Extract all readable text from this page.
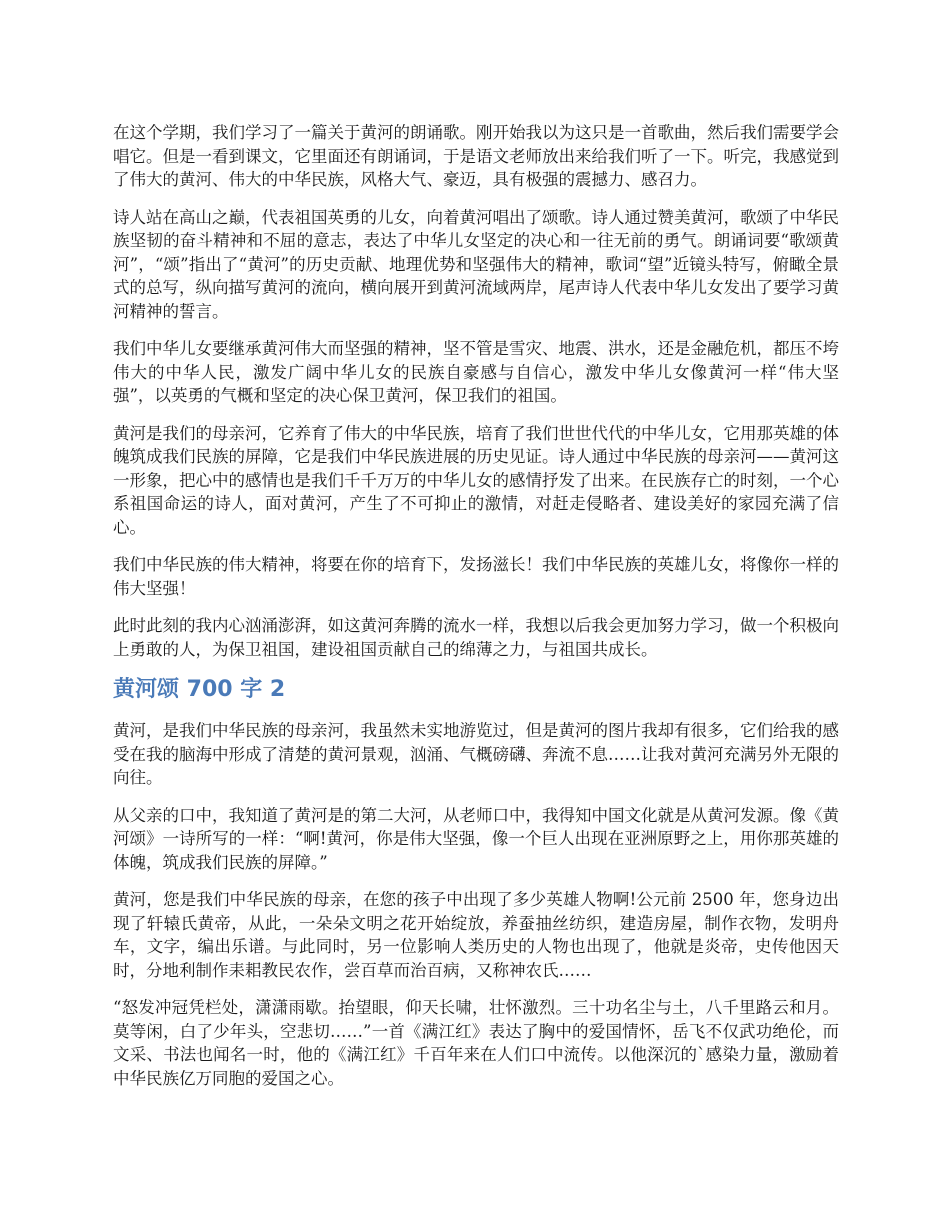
在这个学期，我们学习了一篇关于黄河的朗诵歌。刚开始我以为这只是一首歌曲，然后我们需要学会唱它。但是一看到课文，它里面还有朗诵词，于是语文老师放出来给我们听了一下。听完，我感觉到了伟大的黄河、伟大的中华民族，风格大气、豪迈，具有极强的震撼力、感召力。

诗人站在高山之巅，代表祖国英勇的儿女，向着黄河唱出了颂歌。诗人通过赞美黄河，歌颂了中华民族坚韧的奋斗精神和不屈的意志，表达了中华儿女坚定的决心和一往无前的勇气。朗诵词要“歌颂黄河”，“颂”指出了“黄河”的历史贡献、地理优势和坚强伟大的精神，歌词“望”近镜头特写，俯瞰全景式的总写，纵向描写黄河的流向，横向展开到黄河流域两岸，尾声诗人代表中华儿女发出了要学习黄河精神的誓言。

我们中华儿女要继承黄河伟大而坚强的精神，坚不管是雪灾、地震、洪水，还是金融危机，都压不垮伟大的中华人民，激发广阔中华儿女的民族自豪感与自信心，激发中华儿女像黄河一样“伟大坚强”，以英勇的气概和坚定的决心保卫黄河，保卫我们的祖国。

黄河是我们的母亲河，它养育了伟大的中华民族，培育了我们世世代代的中华儿女，它用那英雄的体魄筑成我们民族的屏障，它是我们中华民族进展的历史见证。诗人通过中华民族的母亲河——黄河这一形象，把心中的感情也是我们千千万万的中华儿女的感情抒发了出来。在民族存亡的时刻，一个心系祖国命运的诗人，面对黄河，产生了不可抑止的激情，对赶走侵略者、建设美好的家园充满了信心。

我们中华民族的伟大精神，将要在你的培育下，发扬滋长！我们中华民族的英雄儿女，将像你一样的伟大坚强！

此时此刻的我内心汹涌澎湃，如这黄河奔腾的流水一样，我想以后我会更加努力学习，做一个积极向上勇敢的人，为保卫祖国，建设祖国贡献自己的绵薄之力，与祖国共成长。

黄河颂 700 字 2

黄河，是我们中华民族的母亲河，我虽然未实地游览过，但是黄河的图片我却有很多，它们给我的感受在我的脑海中形成了清楚的黄河景观，汹涌、气概磅礴、奔流不息……让我对黄河充满另外无限的向往。

从父亲的口中，我知道了黄河是的第二大河，从老师口中，我得知中国文化就是从黄河发源。像《黄河颂》一诗所写的一样：“啊!黄河，你是伟大坚强，像一个巨人出现在亚洲原野之上，用你那英雄的体魄，筑成我们民族的屏障。”

黄河，您是我们中华民族的母亲，在您的孩子中出现了多少英雄人物啊!公元前 2500 年，您身边出现了轩辕氏黄帝，从此，一朵朵文明之花开始绽放，养蚕抽丝纺织，建造房屋，制作衣物，发明舟车，文字，编出乐谱。与此同时，另一位影响人类历史的人物也出现了，他就是炎帝，史传他因天时，分地利制作耒耜教民农作，尝百草而治百病，又称神农氏……

“怒发冲冠凭栏处，潇潇雨歇。抬望眼，仰天长啸，壮怀激烈。三十功名尘与土，八千里路云和月。莫等闲，白了少年头，空悲切……”一首《满江红》表达了胸中的爱国情怀，岳飞不仅武功绝伦，而文采、书法也闻名一时，他的《满江红》千百年来在人们口中流传。以他深沉的`感染力量，激励着中华民族亿万同胞的爱国之心。
